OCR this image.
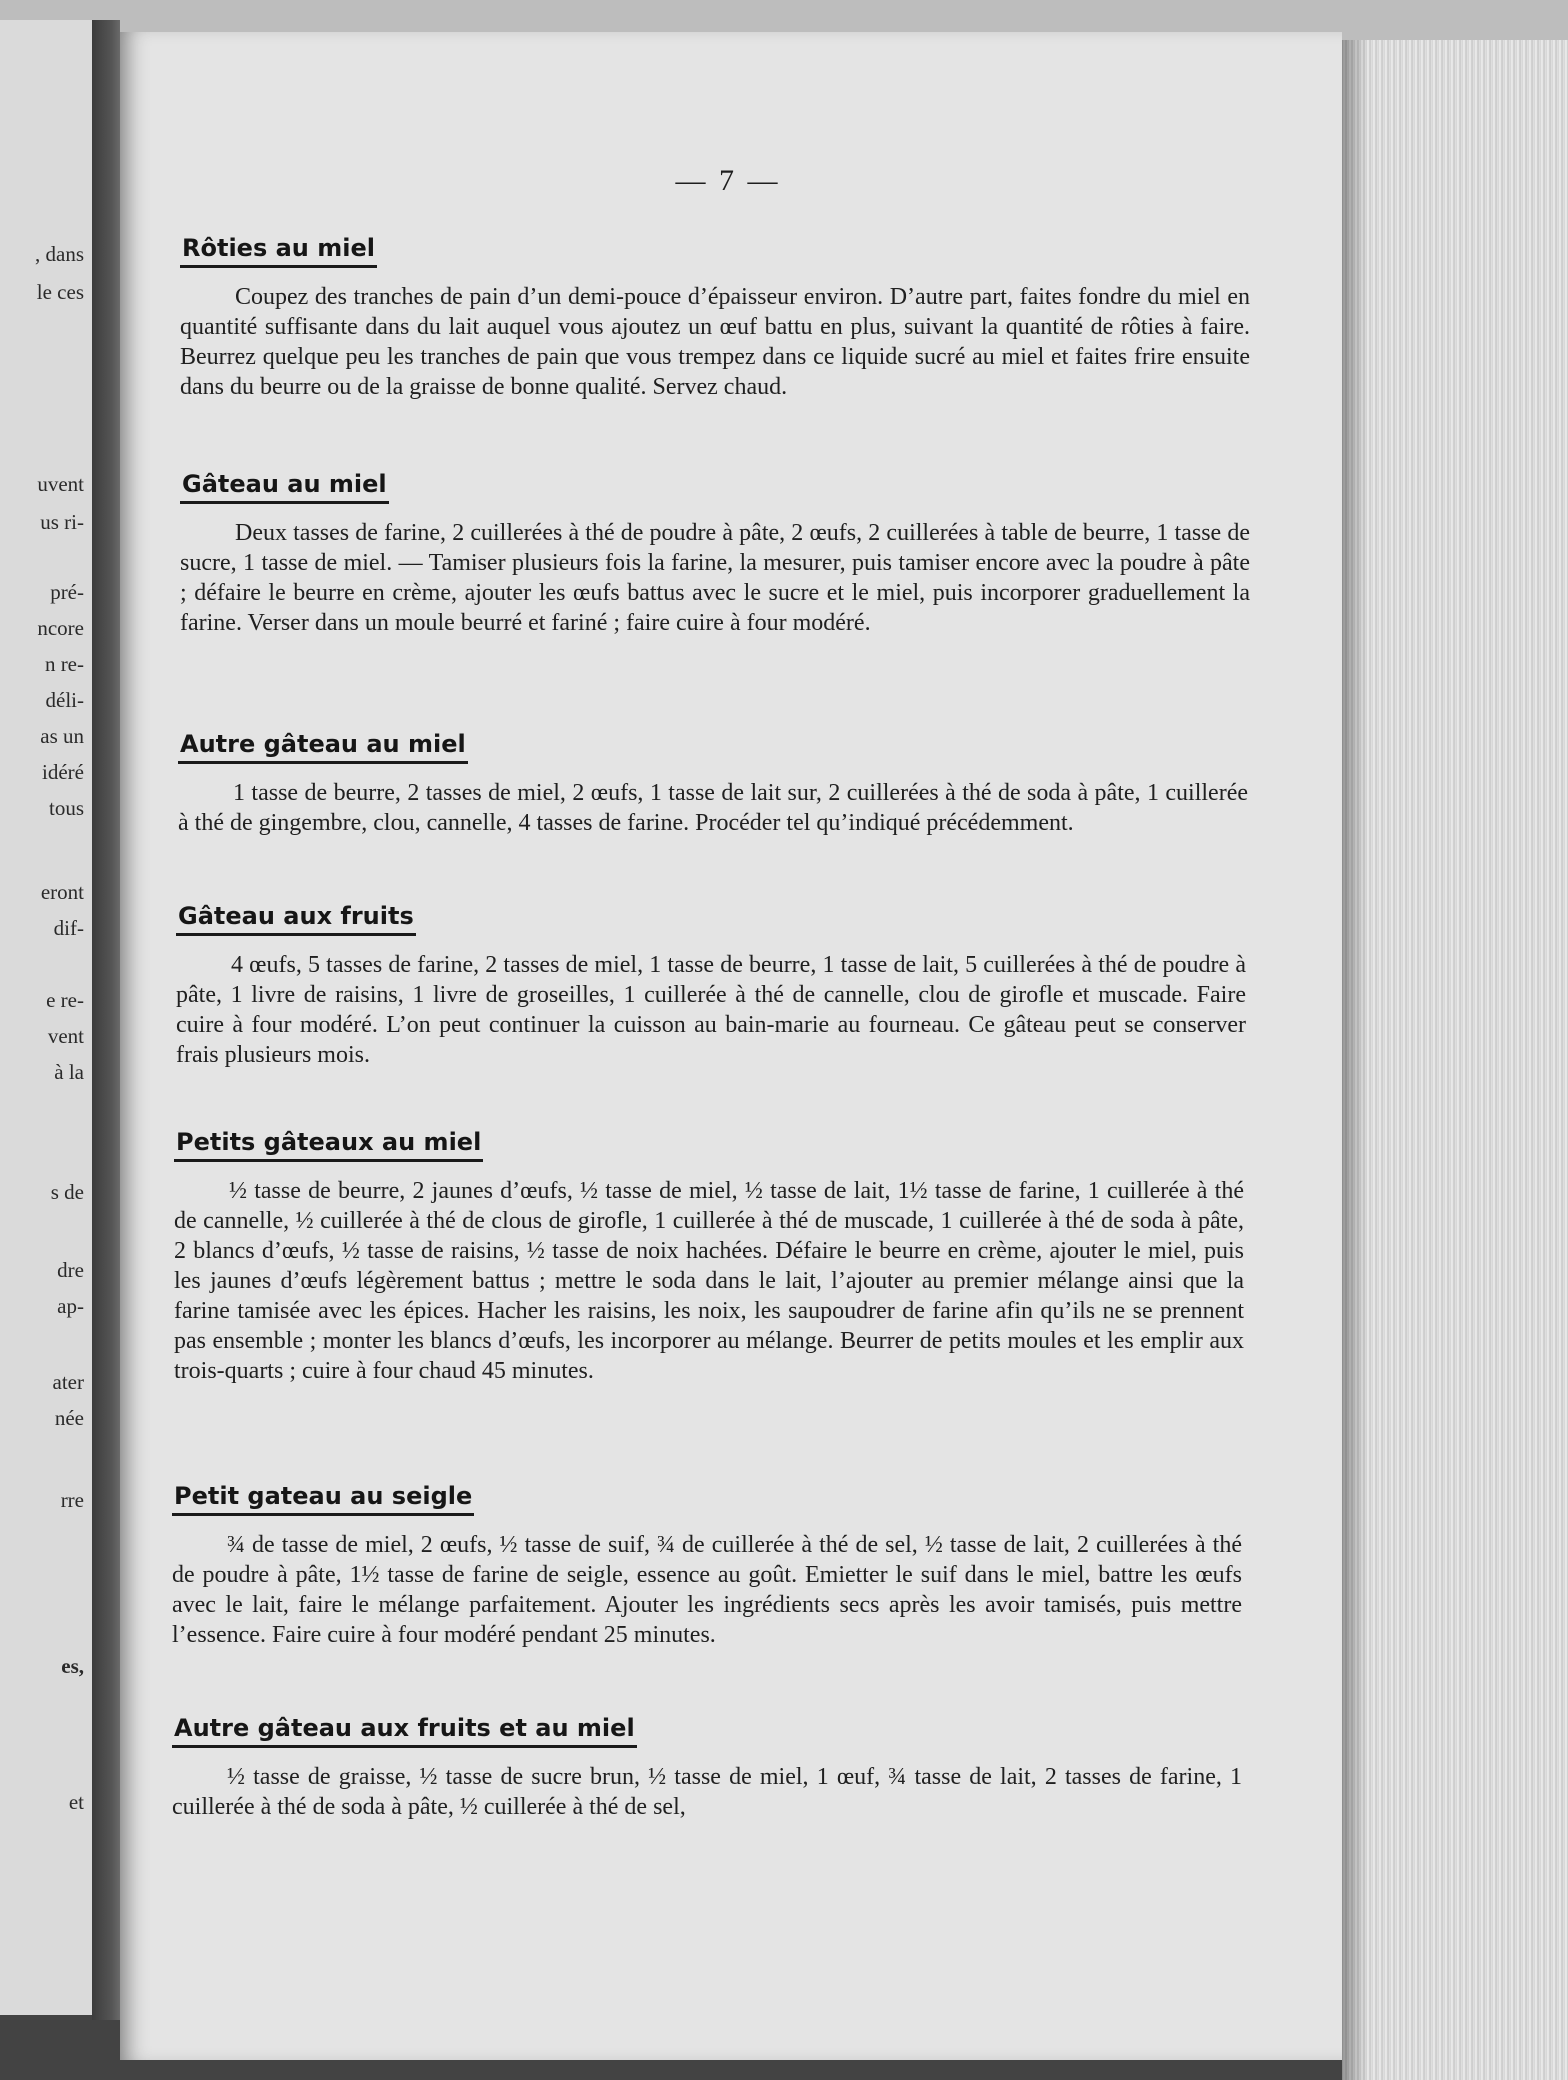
, dans
le ces
uvent
us ri-
pré-
ncore
n re-
déli-
as un
idéré
tous
eront
dif-
e re-
vent
à la
s de
dre
ap-
ater
née
rre
es,
et
— 7 —
Rôties au miel

Coupez des tranches de pain d’un demi-pouce d’épaisseur environ. D’autre part, faites fondre du miel en quantité suffisante dans du lait auquel vous ajoutez un œuf battu en plus, suivant la quantité de rôties à faire. Beurrez quelque peu les tranches de pain que vous trempez dans ce liquide sucré au miel et faites frire ensuite dans du beurre ou de la graisse de bonne qualité. Servez chaud.

Gâteau au miel

Deux tasses de farine, 2 cuillerées à thé de poudre à pâte, 2 œufs, 2 cuillerées à table de beurre, 1 tasse de sucre, 1 tasse de miel. — Tamiser plusieurs fois la farine, la mesurer, puis tamiser encore avec la poudre à pâte ; défaire le beurre en crème, ajouter les œufs battus avec le sucre et le miel, puis incorporer graduellement la farine. Verser dans un moule beurré et fariné ; faire cuire à four modéré.

Autre gâteau au miel

1 tasse de beurre, 2 tasses de miel, 2 œufs, 1 tasse de lait sur, 2 cuillerées à thé de soda à pâte, 1 cuillerée à thé de gingembre, clou, cannelle, 4 tasses de farine. Procéder tel qu’indiqué précédemment.

Gâteau aux fruits

4 œufs, 5 tasses de farine, 2 tasses de miel, 1 tasse de beurre, 1 tasse de lait, 5 cuillerées à thé de poudre à pâte, 1 livre de raisins, 1 livre de groseilles, 1 cuillerée à thé de cannelle, clou de girofle et muscade. Faire cuire à four modéré. L’on peut continuer la cuisson au bain-marie au fourneau. Ce gâteau peut se conserver frais plusieurs mois.

Petits gâteaux au miel

½ tasse de beurre, 2 jaunes d’œufs, ½ tasse de miel, ½ tasse de lait, 1½ tasse de farine, 1 cuillerée à thé de cannelle, ½ cuillerée à thé de clous de girofle, 1 cuillerée à thé de muscade, 1 cuillerée à thé de soda à pâte, 2 blancs d’œufs, ½ tasse de raisins, ½ tasse de noix hachées. Défaire le beurre en crème, ajouter le miel, puis les jaunes d’œufs légèrement battus ; mettre le soda dans le lait, l’ajouter au premier mélange ainsi que la farine tamisée avec les épices. Hacher les raisins, les noix, les saupoudrer de farine afin qu’ils ne se prennent pas ensemble ; monter les blancs d’œufs, les incorporer au mélange. Beurrer de petits moules et les emplir aux trois-quarts ; cuire à four chaud 45 minutes.

Petit gateau au seigle

¾ de tasse de miel, 2 œufs, ½ tasse de suif, ¾ de cuillerée à thé de sel, ½ tasse de lait, 2 cuillerées à thé de poudre à pâte, 1½ tasse de farine de seigle, essence au goût. Emietter le suif dans le miel, battre les œufs avec le lait, faire le mélange parfaitement. Ajouter les ingrédients secs après les avoir tamisés, puis mettre l’essence. Faire cuire à four modéré pendant 25 minutes.

Autre gâteau aux fruits et au miel

½ tasse de graisse, ½ tasse de sucre brun, ½ tasse de miel, 1 œuf, ¾ tasse de lait, 2 tasses de farine, 1 cuillerée à thé de soda à pâte, ½ cuillerée à thé de sel,
